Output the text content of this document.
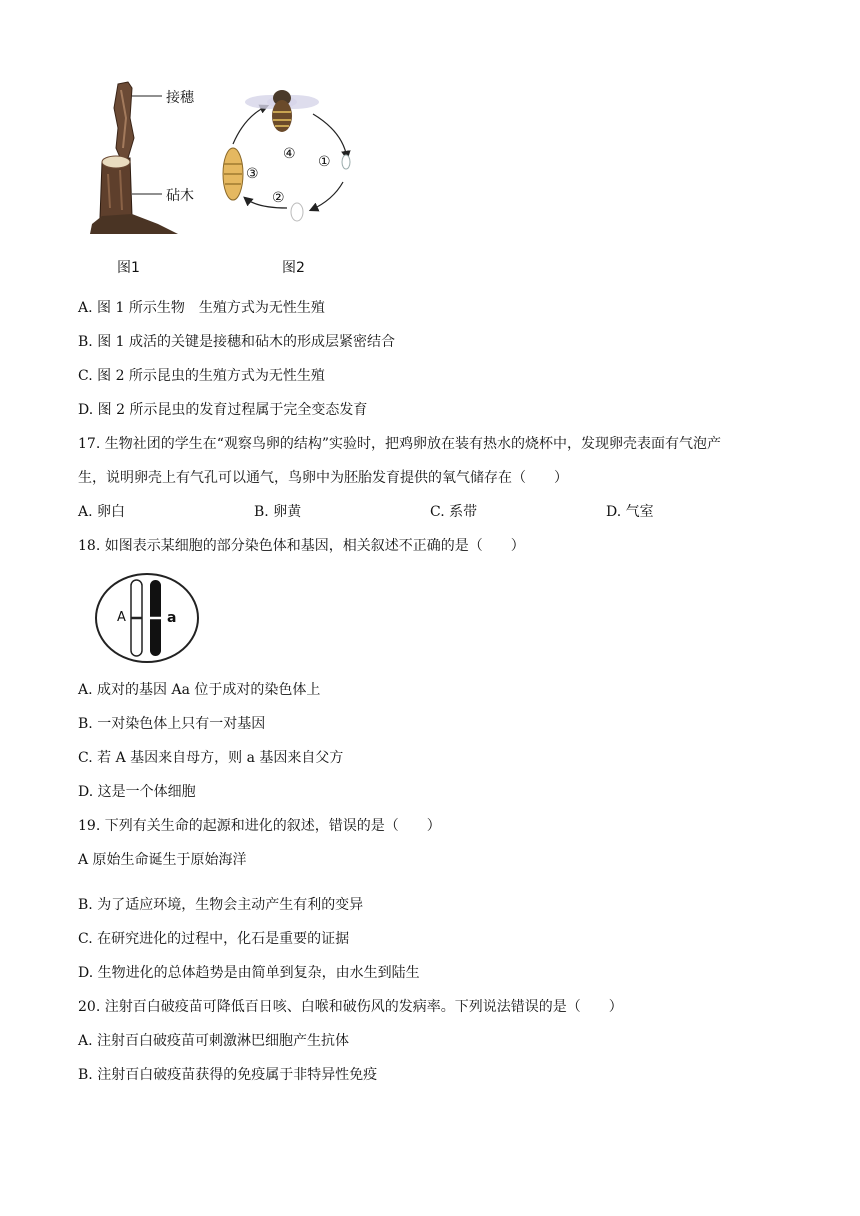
接穗
砧木
图1
④ ①
③
②
图2
A. 图 1 所示生物　生殖方式为无性生殖
B. 图 1 成活的关键是接穗和砧木的形成层紧密结合
C. 图 2 所示昆虫的生殖方式为无性生殖
D. 图 2 所示昆虫的发育过程属于完全变态发育
17. 生物社团的学生在“观察鸟卵的结构”实验时，把鸡卵放在装有热水的烧杯中，发现卵壳表面有气泡产
生，说明卵壳上有气孔可以通气，鸟卵中为胚胎发育提供的氧气储存在（　　）
A. 卵白	B. 卵黄	C. 系带	D. 气室
18. 如图表示某细胞的部分染色体和基因，相关叙述不正确的是（　　）
A	a
A. 成对的基因 Aa 位于成对的染色体上
B. 一对染色体上只有一对基因
C. 若 A 基因来自母方，则 a 基因来自父方
D. 这是一个体细胞
19. 下列有关生命的起源和进化的叙述，错误的是（　　）
A 原始生命诞生于原始海洋
B. 为了适应环境，生物会主动产生有利的变异
C. 在研究进化的过程中，化石是重要的证据
D. 生物进化的总体趋势是由简单到复杂，由水生到陆生
20. 注射百白破疫苗可降低百日咳、白喉和破伤风的发病率。下列说法错误的是（　　）
A. 注射百白破疫苗可刺激淋巴细胞产生抗体
B. 注射百白破疫苗获得的免疫属于非特异性免疫
